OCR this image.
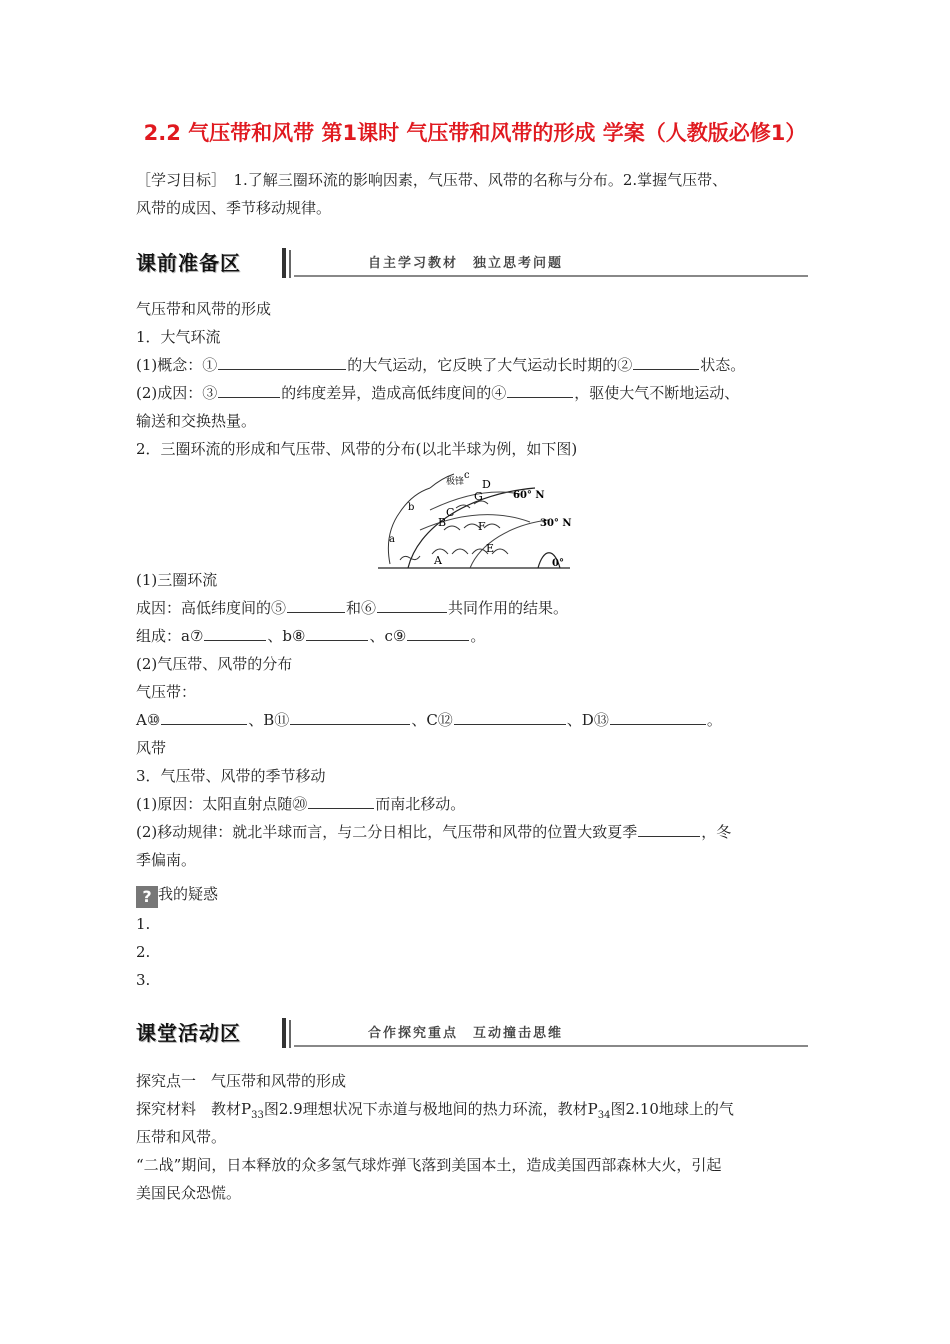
2.2 气压带和风带 第1课时 气压带和风带的形成 学案（人教版必修1）
［学习目标］　1.了解三圈环流的影响因素，气压带、风带的名称与分布。2.掌握气压带、
风带的成因、季节移动规律。
课前准备区	自主学习教材　独立思考问题
气压带和风带的形成
1．大气环流
(1)概念：①	的大气运动，它反映了大气运动长时期的②	状态。
(2)成因：③	的纬度差异，造成高低纬度间的④	，驱使大气不断地运动、
输送和交换热量。
2．三圈环流的形成和气压带、风带的分布(以北半球为例，如下图)
A
B
C
D
E
F
G
a
b
c
极锋
60° N
30° N
0°
(1)三圈环流
成因：高低纬度间的⑤	和⑥	共同作用的结果。
组成：a⑦	、b⑧	、c⑨	。
(2)气压带、风带的分布
气压带：
A⑩	、B⑪	、C⑫	、D⑬	。
风带
3．气压带、风带的季节移动
(1)原因：太阳直射点随⑳	而南北移动。
(2)移动规律：就北半球而言，与二分日相比，气压带和风带的位置大致夏季	，冬
季偏南。
? 我的疑惑
1.
2.
3.
课堂活动区	合作探究重点　互动撞击思维
探究点一　气压带和风带的形成
探究材料　教材$P_{33}$图2.9理想状况下赤道与极地间的热力环流，教材$P_{34}$图2.10地球上的气
压带和风带。
“二战”期间，日本释放的众多氢气球炸弹飞落到美国本土，造成美国西部森林大火，引起
美国民众恐慌。
